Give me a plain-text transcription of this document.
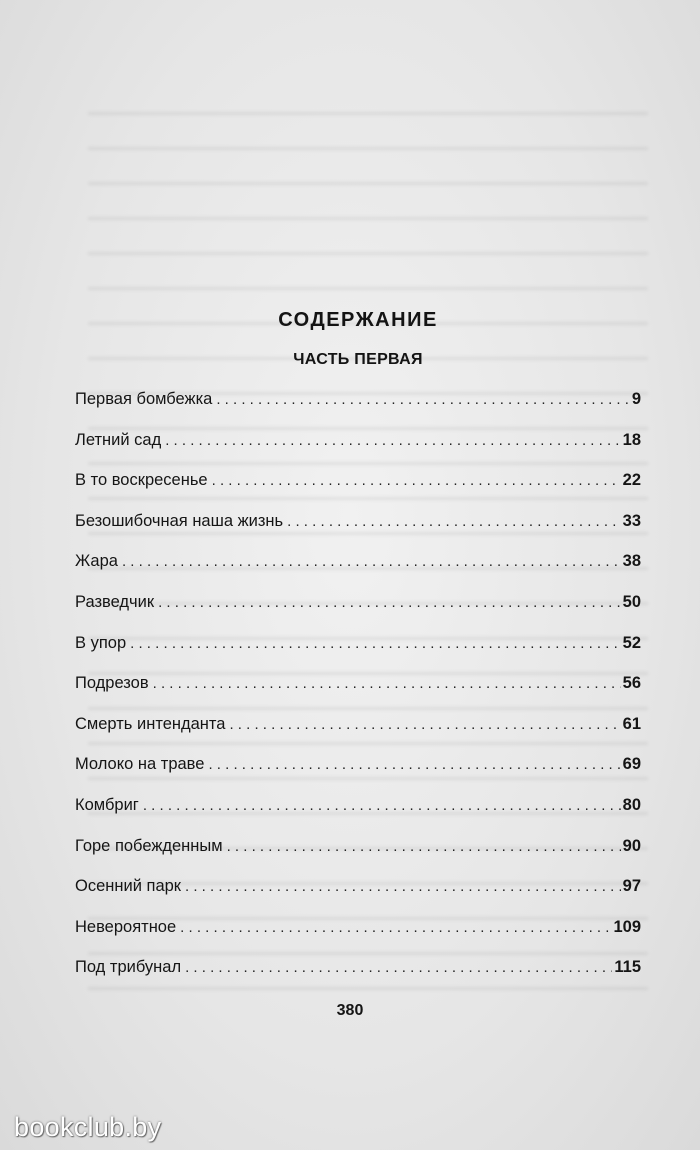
СОДЕРЖАНИЕ
ЧАСТЬ ПЕРВАЯ
Первая бомбежка . . .	9
Летний сад . . .	18
В то воскресенье . . .	22
Безошибочная наша жизнь . . .	33
Жара . . .	38
Разведчик . . .	50
В упор . . .	52
Подрезов . . .	56
Смерть интенданта . . .	61
Молоко на траве . . .	69
Комбриг . . .	80
Горе побежденным . . .	90
Осенний парк . . .	97
Невероятное . . .	109
Под трибунал . . .	115
380
bookclub.by
